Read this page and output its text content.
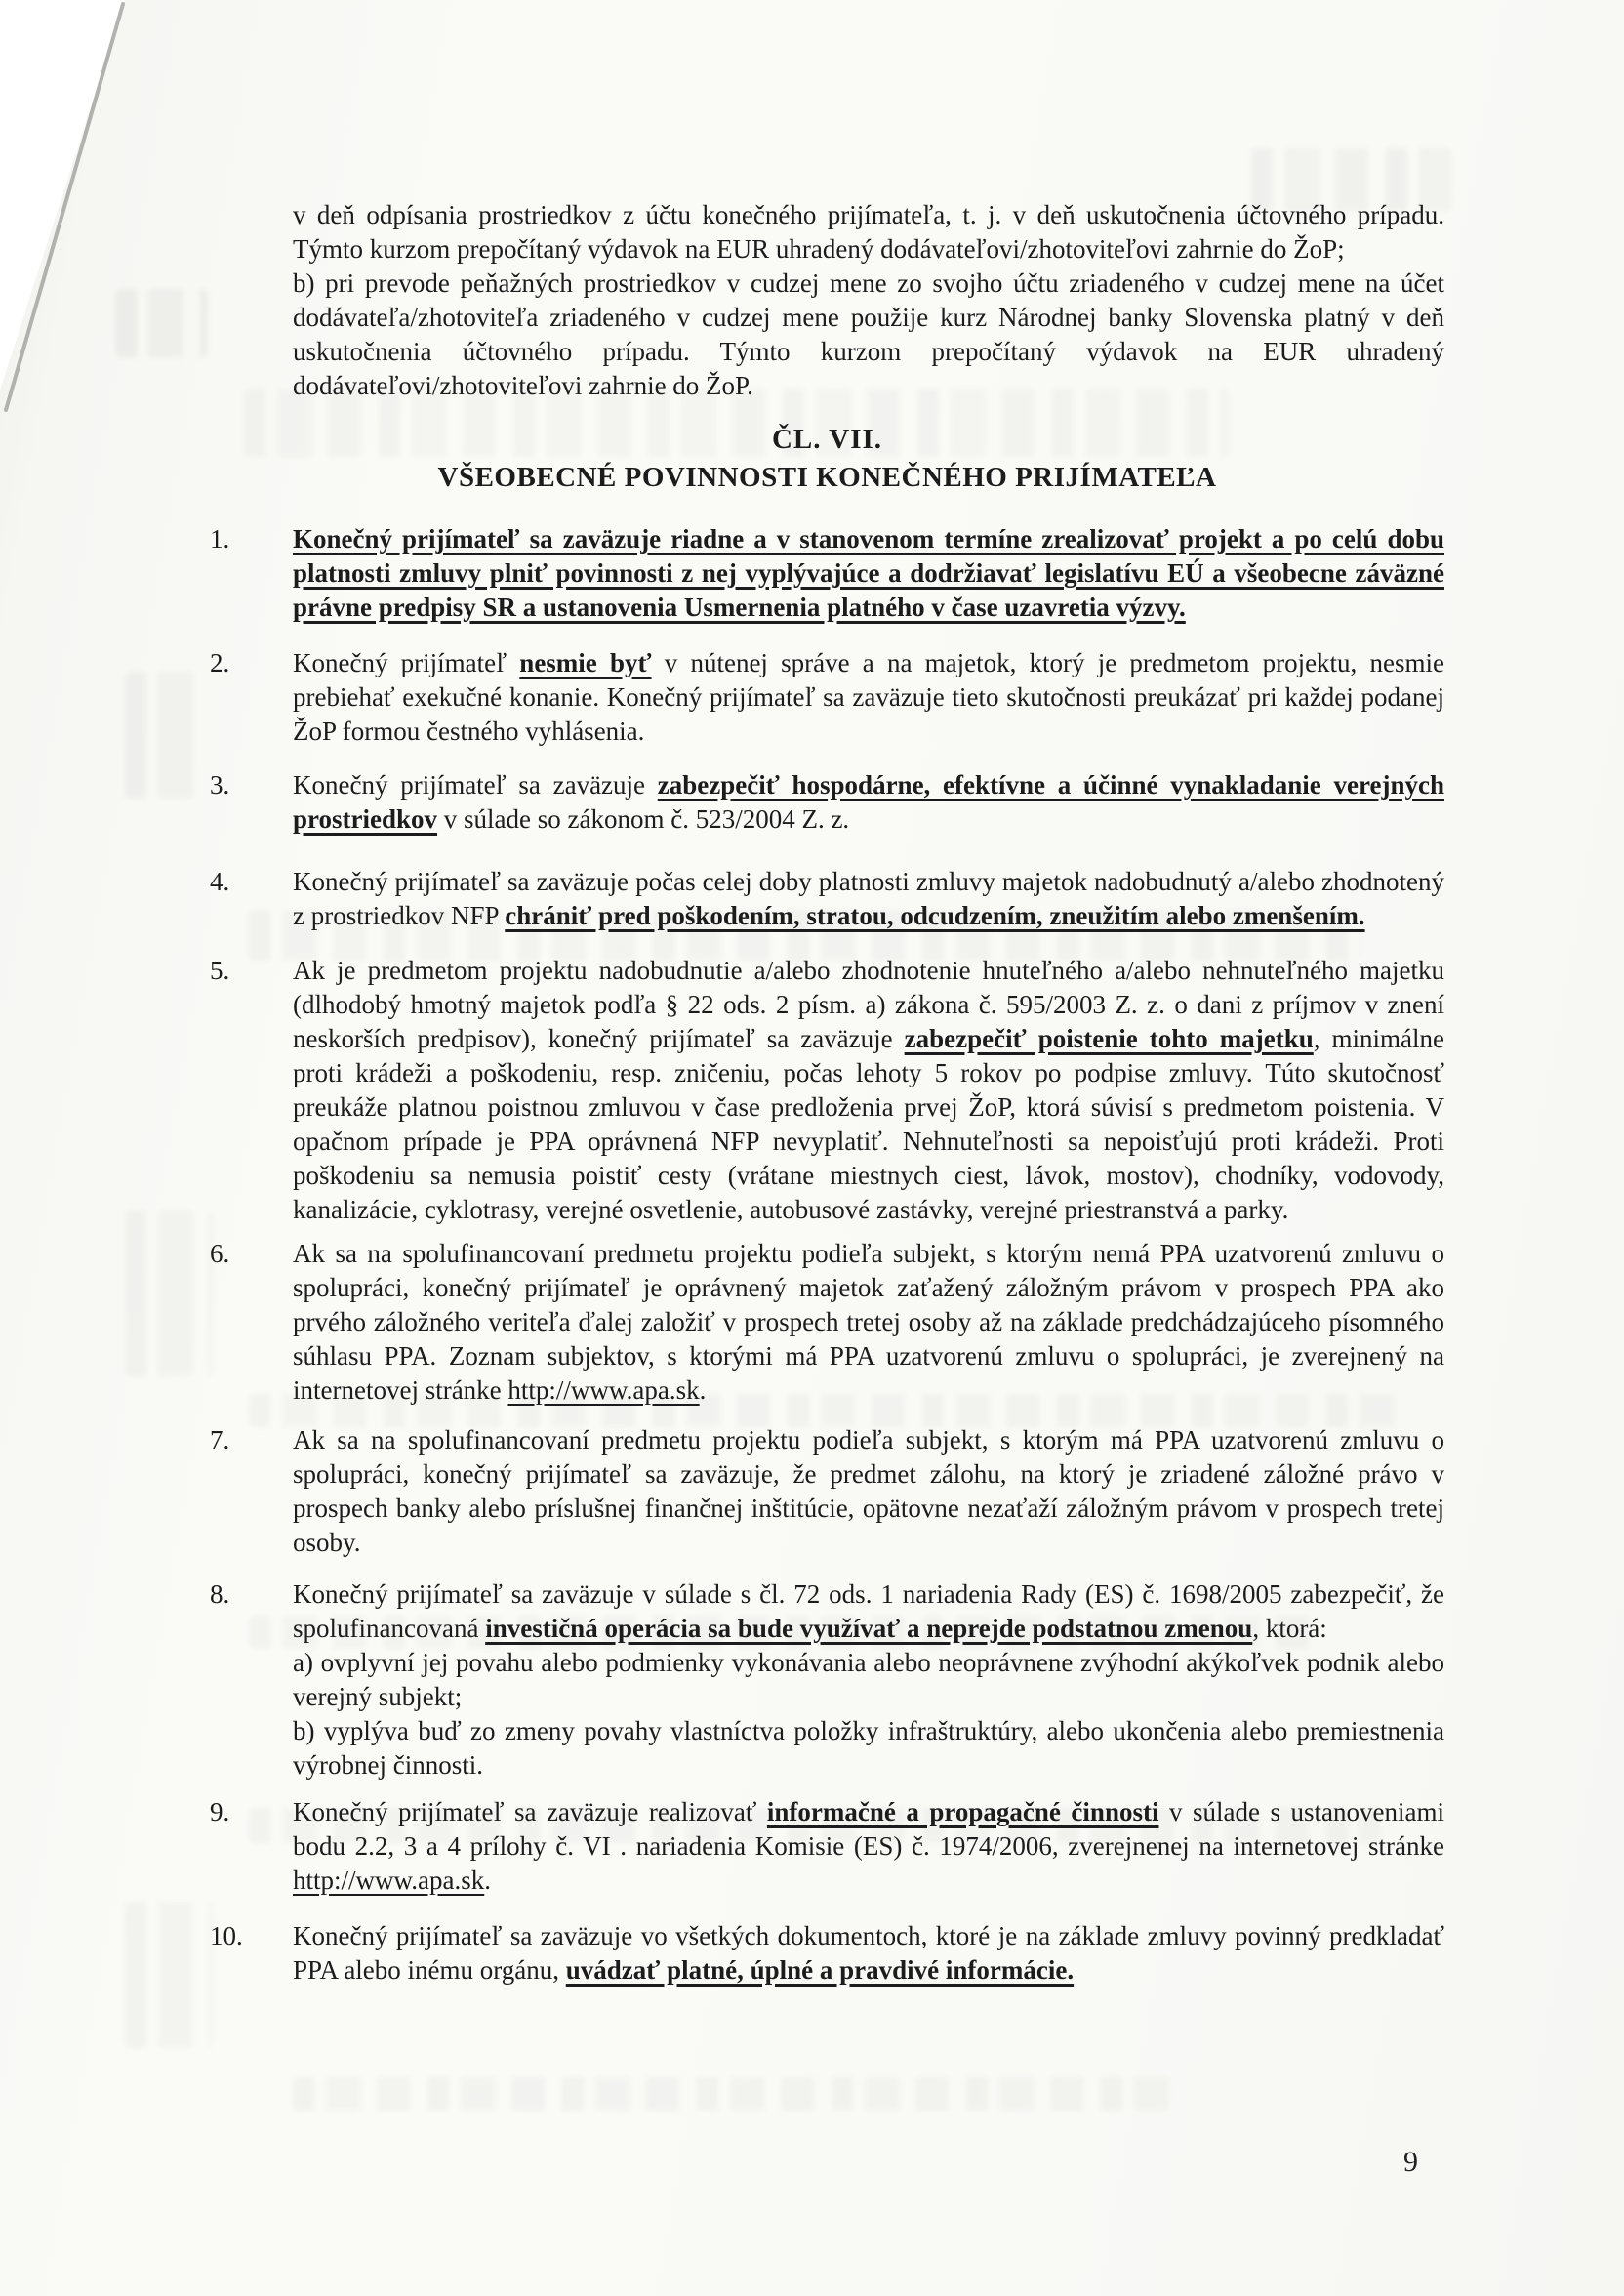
v deň odpísania prostriedkov z účtu konečného prijímateľa, t. j. v deň uskutočnenia účtovného prípadu. Týmto kurzom prepočítaný výdavok na EUR uhradený dodávateľovi/zhotoviteľovi zahrnie do ŽoP;

b) pri prevode peňažných prostriedkov v cudzej mene zo svojho účtu zriadeného v cudzej mene na účet dodávateľa/zhotoviteľa zriadeného v cudzej mene použije kurz Národnej banky Slovenska platný v deň uskutočnenia účtovného prípadu. Týmto kurzom prepočítaný výdavok na EUR uhradený dodávateľovi/zhotoviteľovi zahrnie do ŽoP.

ČL. VII.
VŠEOBECNÉ POVINNOSTI KONEČNÉHO PRIJÍMATEĽA
1.	Konečný prijímateľ sa zaväzuje riadne a v stanovenom termíne zrealizovať projekt a po celú dobu platnosti zmluvy plniť povinnosti z nej vyplývajúce a dodržiavať legislatívu EÚ a všeobecne záväzné právne predpisy SR a ustanovenia Usmernenia platného v čase uzavretia výzvy.

2.	Konečný prijímateľ nesmie byť v nútenej správe a na majetok, ktorý je predmetom projektu, nesmie prebiehať exekučné konanie. Konečný prijímateľ sa zaväzuje tieto skutočnosti preukázať pri každej podanej ŽoP formou čestného vyhlásenia.

3.	Konečný prijímateľ sa zaväzuje zabezpečiť hospodárne, efektívne a účinné vynakladanie verejných prostriedkov v súlade so zákonom č. 523/2004 Z. z.

4.	Konečný prijímateľ sa zaväzuje počas celej doby platnosti zmluvy majetok nadobudnutý a/alebo zhodnotený z prostriedkov NFP chrániť pred poškodením, stratou, odcudzením, zneužitím alebo zmenšením.

5.	Ak je predmetom projektu nadobudnutie a/alebo zhodnotenie hnuteľného a/alebo nehnuteľného majetku (dlhodobý hmotný majetok podľa § 22 ods. 2 písm. a) zákona č. 595/2003 Z. z. o dani z príjmov v znení neskorších predpisov), konečný prijímateľ sa zaväzuje zabezpečiť poistenie tohto majetku, minimálne proti krádeži a poškodeniu, resp. zničeniu, počas lehoty 5 rokov po podpise zmluvy. Túto skutočnosť preukáže platnou poistnou zmluvou v čase predloženia prvej ŽoP, ktorá súvisí s predmetom poistenia. V opačnom prípade je PPA oprávnená NFP nevyplatiť. Nehnuteľnosti sa nepoisťujú proti krádeži. Proti poškodeniu sa nemusia poistiť cesty (vrátane miestnych ciest, lávok, mostov), chodníky, vodovody, kanalizácie, cyklotrasy, verejné osvetlenie, autobusové zastávky, verejné priestranstvá a parky.

6.	Ak sa na spolufinancovaní predmetu projektu podieľa subjekt, s ktorým nemá PPA uzatvorenú zmluvu o spolupráci, konečný prijímateľ je oprávnený majetok zaťažený záložným právom v prospech PPA ako prvého záložného veriteľa ďalej založiť v prospech tretej osoby až na základe predchádzajúceho písomného súhlasu PPA. Zoznam subjektov, s ktorými má PPA uzatvorenú zmluvu o spolupráci, je zverejnený na internetovej stránke http://www.apa.sk.

7.	Ak sa na spolufinancovaní predmetu projektu podieľa subjekt, s ktorým má PPA uzatvorenú zmluvu o spolupráci, konečný prijímateľ sa zaväzuje, že predmet zálohu, na ktorý je zriadené záložné právo v prospech banky alebo príslušnej finančnej inštitúcie, opätovne nezaťaží záložným právom v prospech tretej osoby.

8.	Konečný prijímateľ sa zaväzuje v súlade s čl. 72 ods. 1 nariadenia Rady (ES) č. 1698/2005 zabezpečiť, že spolufinancovaná investičná operácia sa bude využívať a neprejde podstatnou zmenou, ktorá:

a) ovplyvní jej povahu alebo podmienky vykonávania alebo neoprávnene zvýhodní akýkoľvek podnik alebo verejný subjekt;

b) vyplýva buď zo zmeny povahy vlastníctva položky infraštruktúry, alebo ukončenia alebo premiestnenia výrobnej činnosti.

9.	Konečný prijímateľ sa zaväzuje realizovať informačné a propagačné činnosti v súlade s ustanoveniami bodu 2.2, 3 a 4 prílohy č. VI . nariadenia Komisie (ES) č. 1974/2006, zverejnenej na internetovej stránke http://www.apa.sk.

10.	Konečný prijímateľ sa zaväzuje vo všetkých dokumentoch, ktoré je na základe zmluvy povinný predkladať PPA alebo inému orgánu, uvádzať platné, úplné a pravdivé informácie.

9
